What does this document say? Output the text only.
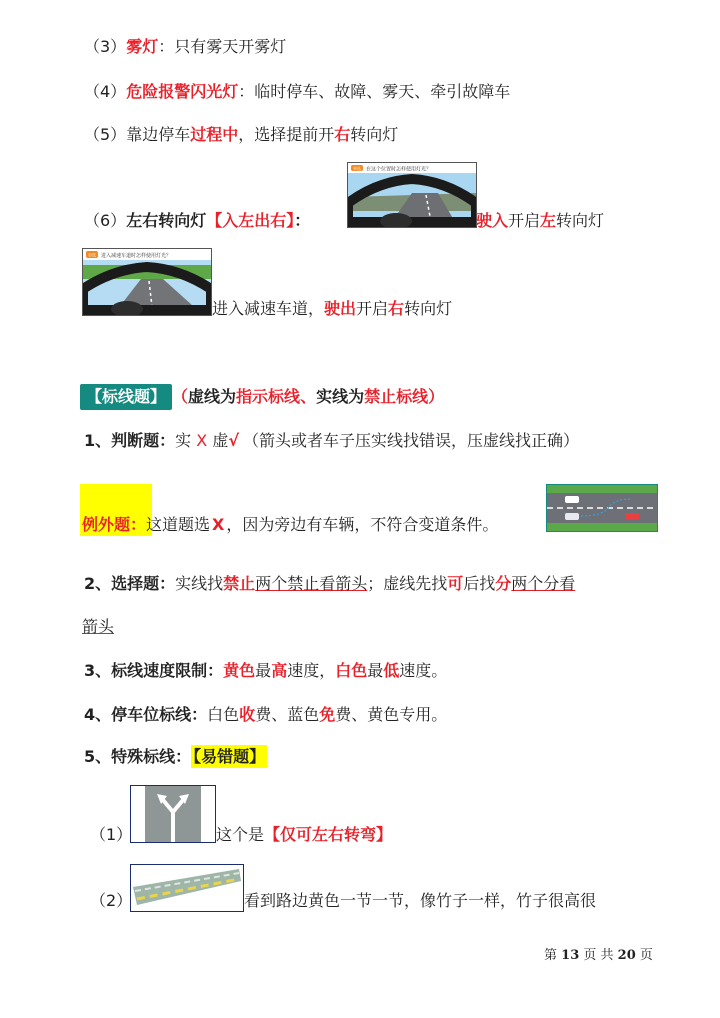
（3）雾灯：只有雾天开雾灯
（4）危险报警闪光灯：临时停车、故障、雾天、牵引故障车
（5）靠边停车过程中，选择提前开右转向灯
单选 在这个位置时怎样使用灯光？
（6）左右转向灯【入左出右】：	驶入开启左转向灯
单选 进入减速车道时怎样使用灯光？
进入减速车道，驶出开启右转向灯
【标线题】 （虚线为指示标线、实线为禁止标线）
1、判断题：实 X 虚√ （箭头或者车子压实线找错误，压虚线找正确）
例外题：这道题选 X ，因为旁边有车辆，不符合变道条件。
2、选择题：实线找禁止两个禁止看箭头；虚线先找可后找分两个分看
箭头
3、标线速度限制：黄色最高速度，白色最低速度。
4、停车位标线：白色收费、蓝色免费、黄色专用。
5、特殊标线： 【易错题】
（1）	这个是【仅可左右转弯】
（2）	看到路边黄色一节一节，像竹子一样，竹子很高很
第 13 页 共 20 页
